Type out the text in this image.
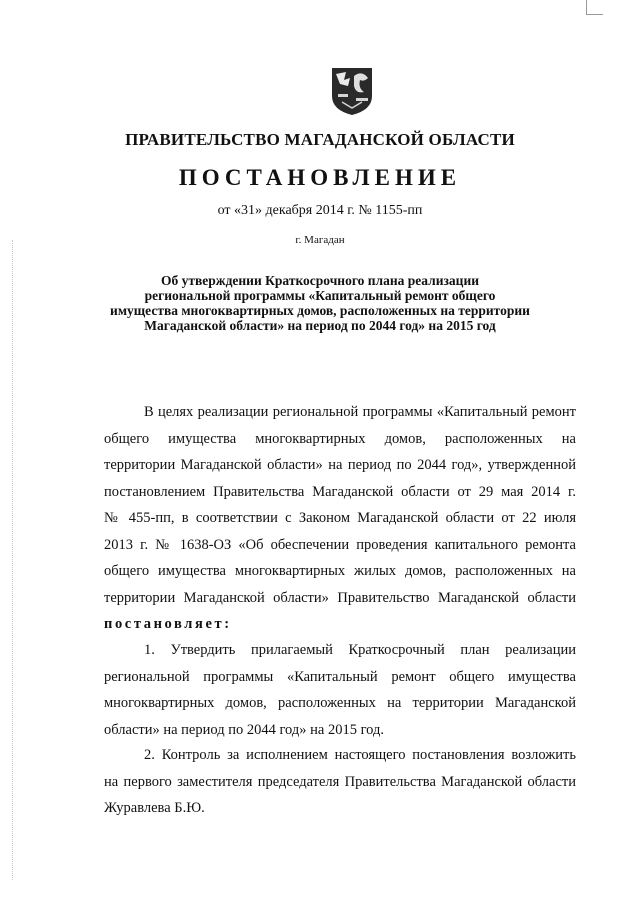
ПРАВИТЕЛЬСТВО МАГАДАНСКОЙ ОБЛАСТИ
ПОСТАНОВЛЕНИЕ
от «31» декабря 2014 г. № 1155-пп
г. Магадан
Об утверждении Краткосрочного плана реализации
региональной программы «Капитальный ремонт общего
имущества многоквартирных домов, расположенных на территории
Магаданской области» на период по 2044 год» на 2015 год
В целях реализации региональной программы «Капитальный ремонт
общего имущества многоквартирных домов, расположенных на
территории Магаданской области» на период по 2044 год», утвержденной
постановлением Правительства Магаданской области от 29 мая 2014 г.
№ 455-пп, в соответствии с Законом Магаданской области от 22 июля
2013 г. № 1638-ОЗ «Об обеспечении проведения капитального ремонта
общего имущества многоквартирных жилых домов, расположенных на
территории Магаданской области» Правительство Магаданской области
постановляет:
1. Утвердить прилагаемый Краткосрочный план реализации
региональной программы «Капитальный ремонт общего имущества
многоквартирных домов, расположенных на территории Магаданской
области» на период по 2044 год» на 2015 год.
2. Контроль за исполнением настоящего постановления возложить
на первого заместителя председателя Правительства Магаданской области
Журавлева Б.Ю.
